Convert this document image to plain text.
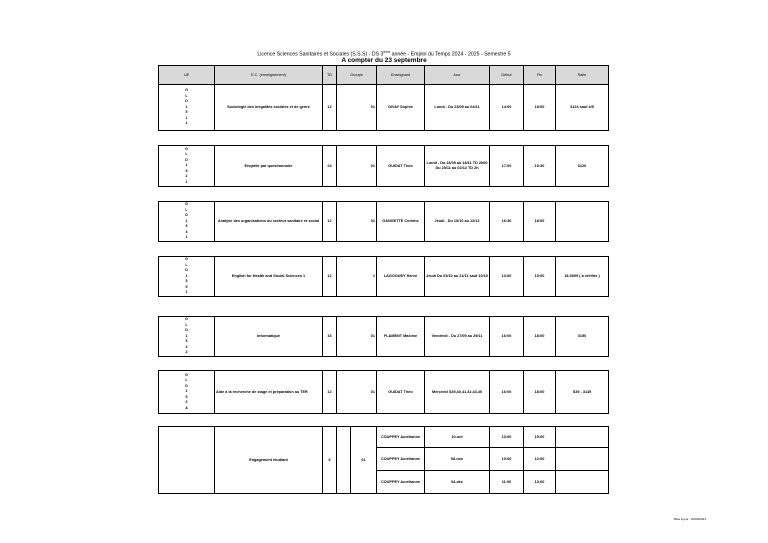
Licence Sciences Sanitaires et Sociales (S.S.S) - DS 3ème année - Emploi du Temps 2024 - 2025 - Semestre 5
A compter du 23 septembre
UE	E.C. (enseignement)	TD	Groupe	Enseignant	Jour	Début	Fin	Salle
G
L
D
1
5
1
1	Sociologie des inégalités sociales et de genre	12	01	DIVAY Sophie	Lundi - Du 23/09 au 04/11	14:00	18:00	3124 sauf 4/5
G
L
D
1
5
2
1	Enquête par questionnaire	24	01	GUIDAT Théo	Lundi - Du 23/09 au 18/11 TD 2h00 Du 25/11 au 02/12 TD 2h	17:00	19:30	3120
G
L
D
1
5
4
1	Analyse des organisations du secteur sanitaire et social	12	01	GANGETTE Corinne	Jeudi - Du 10/10 au 12/12	16:30	18:00	
G
L
D
1
5
5
1	English for Health and Social Sciences 1	12	1	LAGOGUEY Hervé	Jeudi Du 03/10 au 21/11 sauf 10/10	13:00	15:00	18-0009 ( à vérifier )
G
L
D
1
5
3
2	Informatique	16	01	FLAMENT Maxime	Vendredi - Du 27/09 au 29/11	16:00	18:00	3150
G
L
D
1
5
3
A	Aide à la recherche de stage et préparation au TER	12	01	GUIDAT Théo	Mercredi S39,40,41,42,43,45	16:00	18:00	S39 - 3145
	Engagement étudiant	6		01	COUPPEY Aurélianne	10-oct	13:00	15:00	
					COUPPEY Aurélianne	08-nov	10:00	12:00	
					COUPPEY Aurélianne	04-déc	11:00	13:00	
Mise à jour : 20/09/2024
